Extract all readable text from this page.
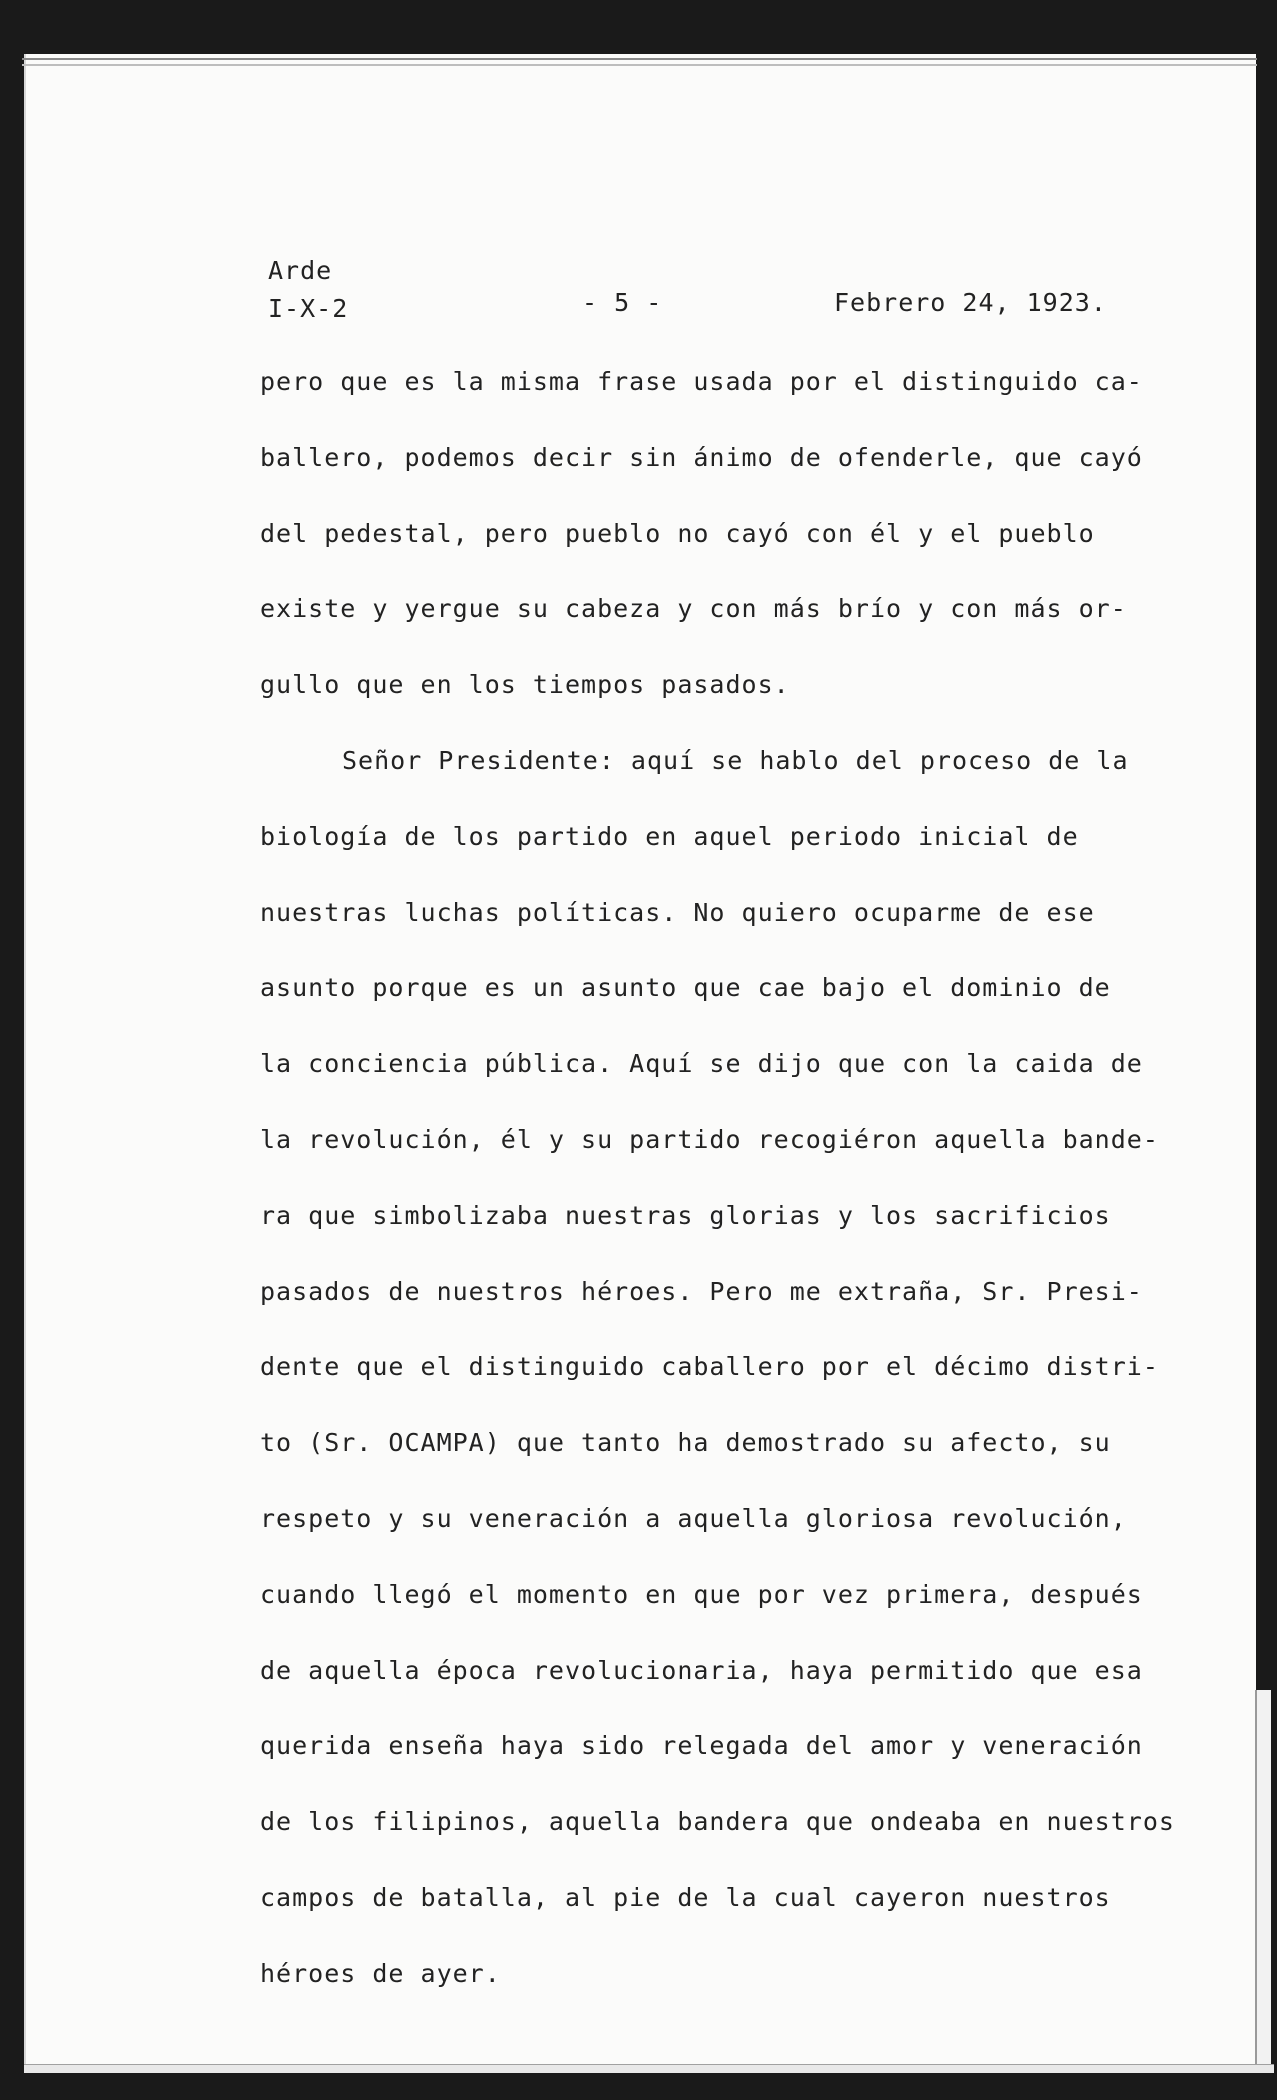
Arde
I-X-2	- 5 -	Febrero 24, 1923.
pero que es la misma frase usada por el distinguido ca-
ballero, podemos decir sin ánimo de ofenderle, que cayó
del pedestal, pero pueblo no cayó con él y el pueblo
existe y yergue su cabeza y con más brío y con más or-
gullo que en los tiempos pasados.
Señor Presidente: aquí se hablo del proceso de la
biología de los partido en aquel periodo inicial de
nuestras luchas políticas. No quiero ocuparme de ese
asunto porque es un asunto que cae bajo el dominio de
la conciencia pública. Aquí se dijo que con la caida de
la revolución, él y su partido recogiéron aquella bande-
ra que simbolizaba nuestras glorias y los sacrificios
pasados de nuestros héroes. Pero me extraña, Sr. Presi-
dente que el distinguido caballero por el décimo distri-
to (Sr. OCAMPA) que tanto ha demostrado su afecto, su
respeto y su veneración a aquella gloriosa revolución,
cuando llegó el momento en que por vez primera, después
de aquella época revolucionaria, haya permitido que esa
querida enseña haya sido relegada del amor y veneración
de los filipinos, aquella bandera que ondeaba en nuestros
campos de batalla, al pie de la cual cayeron nuestros
héroes de ayer.
